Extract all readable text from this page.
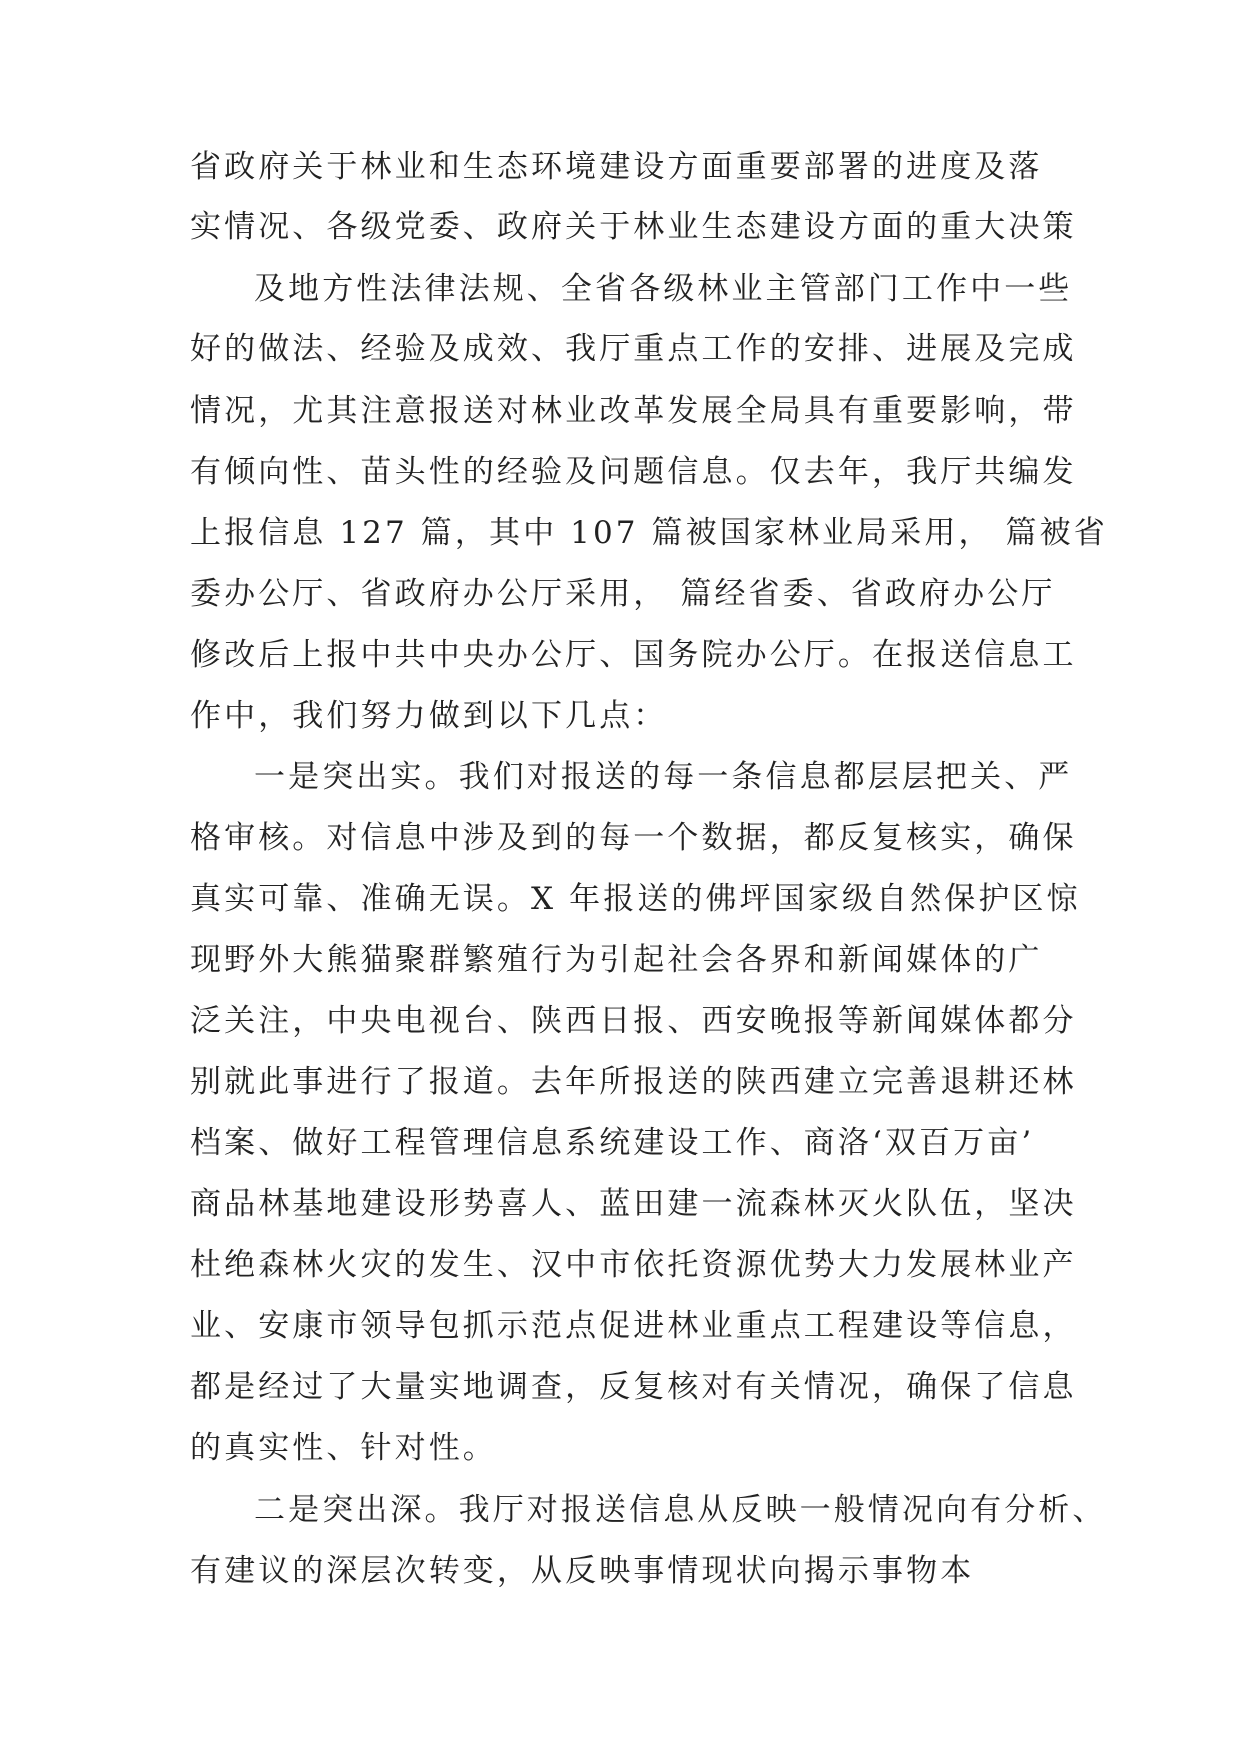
省政府关于林业和生态环境建设方面重要部署的进度及落
实情况、各级党委、政府关于林业生态建设方面的重大决策
及地方性法律法规、全省各级林业主管部门工作中一些
好的做法、经验及成效、我厅重点工作的安排、进展及完成
情况，尤其注意报送对林业改革发展全局具有重要影响，带
有倾向性、苗头性的经验及问题信息。仅去年，我厅共编发
上报信息 127 篇，其中 107 篇被国家林业局采用， 篇被省
委办公厅、省政府办公厅采用， 篇经省委、省政府办公厅
修改后上报中共中央办公厅、国务院办公厅。在报送信息工
作中，我们努力做到以下几点：
一是突出实。我们对报送的每一条信息都层层把关、严
格审核。对信息中涉及到的每一个数据，都反复核实，确保
真实可靠、准确无误。X 年报送的佛坪国家级自然保护区惊
现野外大熊猫聚群繁殖行为引起社会各界和新闻媒体的广
泛关注，中央电视台、陕西日报、西安晚报等新闻媒体都分
别就此事进行了报道。去年所报送的陕西建立完善退耕还林
档案、做好工程管理信息系统建设工作、商洛‘双百万亩’
商品林基地建设形势喜人、蓝田建一流森林灭火队伍，坚决
杜绝森林火灾的发生、汉中市依托资源优势大力发展林业产
业、安康市领导包抓示范点促进林业重点工程建设等信息，
都是经过了大量实地调查，反复核对有关情况，确保了信息
的真实性、针对性。
二是突出深。我厅对报送信息从反映一般情况向有分析、
有建议的深层次转变，从反映事情现状向揭示事物本
